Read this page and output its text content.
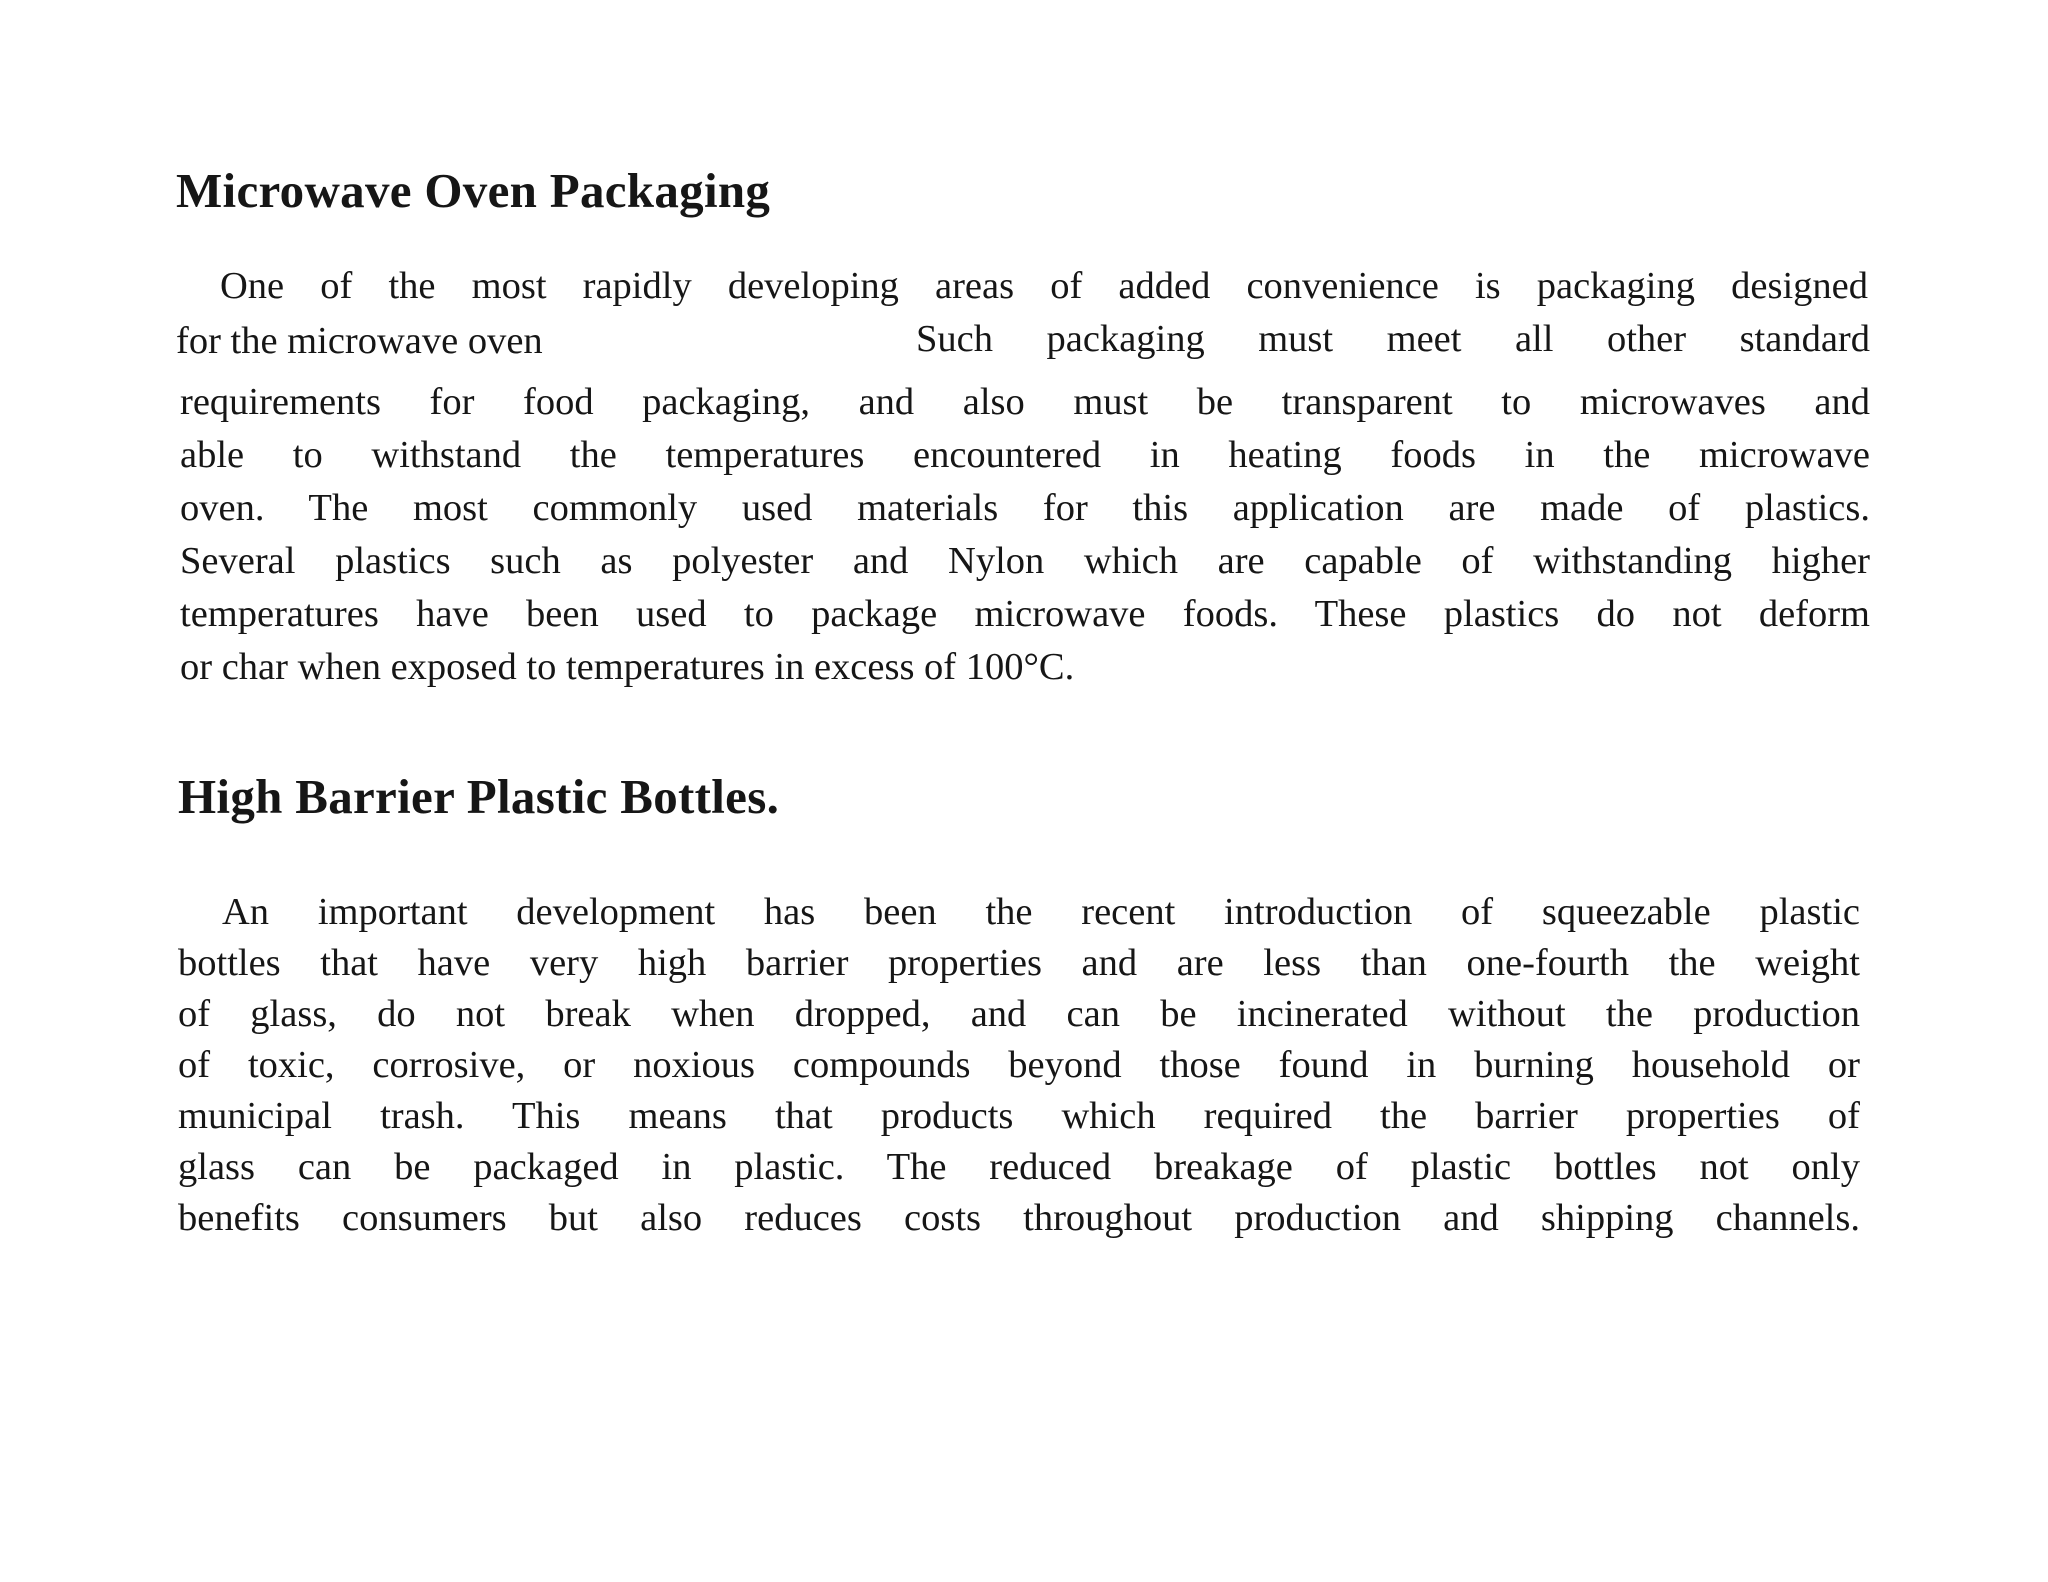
Microwave Oven Packaging

One of the most rapidly developing areas of added convenience is packaging designed

for the microwave oven	Such packaging must meet all other standard

requirements for food packaging, and also must be transparent to microwaves and

able to withstand the temperatures encountered in heating foods in the microwave

oven. The most commonly used materials for this application are made of plastics.

Several plastics such as polyester and Nylon which are capable of withstanding higher

temperatures have been used to package microwave foods. These plastics do not deform

or char when exposed to temperatures in excess of 100°C.

High Barrier Plastic Bottles.

An important development has been the recent introduction of squeezable plastic

bottles that have very high barrier properties and are less than one-fourth the weight

of glass, do not break when dropped, and can be incinerated without the production

of toxic, corrosive, or noxious compounds beyond those found in burning household or

municipal trash. This means that products which required the barrier properties of

glass can be packaged in plastic. The reduced breakage of plastic bottles not only

benefits consumers but also reduces costs throughout production and shipping channels.
